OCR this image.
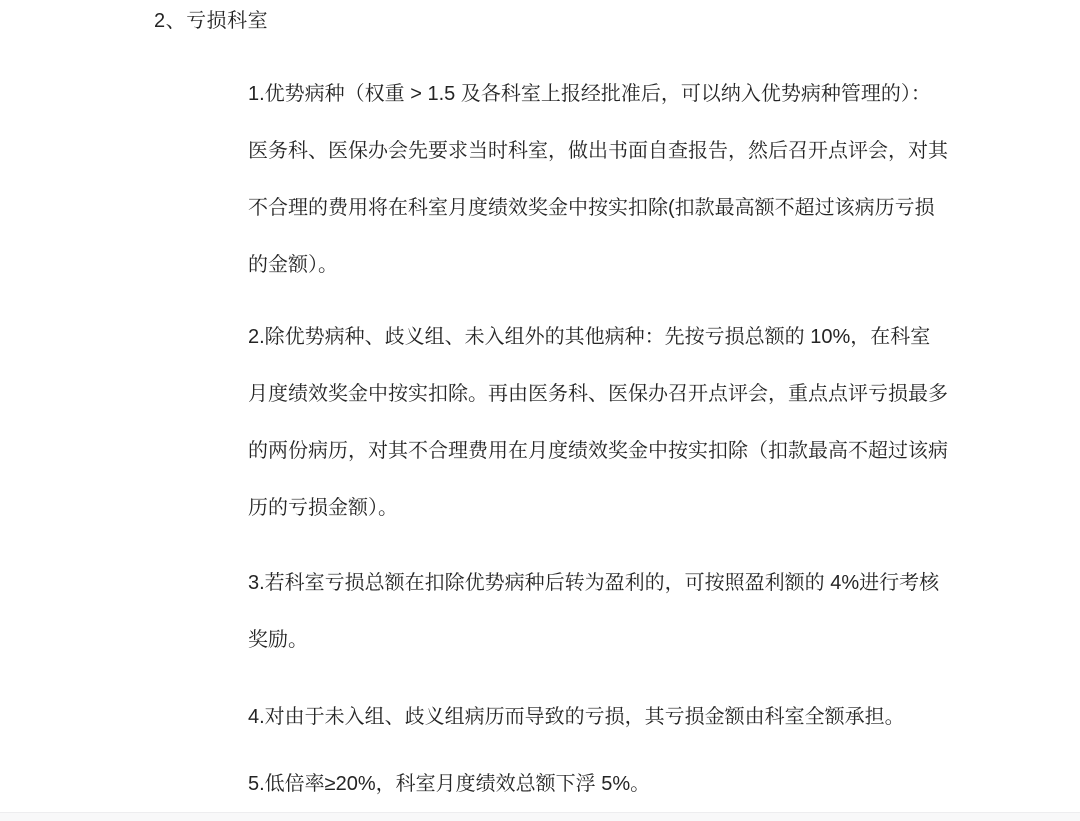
2、亏损科室
1.优势病种（权重 > 1.5 及各科室上报经批准后，可以纳入优势病种管理的）：
医务科、医保办会先要求当时科室，做出书面自查报告，然后召开点评会，对其
不合理的费用将在科室月度绩效奖金中按实扣除(扣款最高额不超过该病历亏损
的金额）。
2.除优势病种、歧义组、未入组外的其他病种：先按亏损总额的 10%，在科室
月度绩效奖金中按实扣除。再由医务科、医保办召开点评会，重点点评亏损最多
的两份病历，对其不合理费用在月度绩效奖金中按实扣除（扣款最高不超过该病
历的亏损金额）。
3.若科室亏损总额在扣除优势病种后转为盈利的，可按照盈利额的 4%进行考核
奖励。
4.对由于未入组、歧义组病历而导致的亏损，其亏损金额由科室全额承担。
5.低倍率≥20%，科室月度绩效总额下浮 5%。
